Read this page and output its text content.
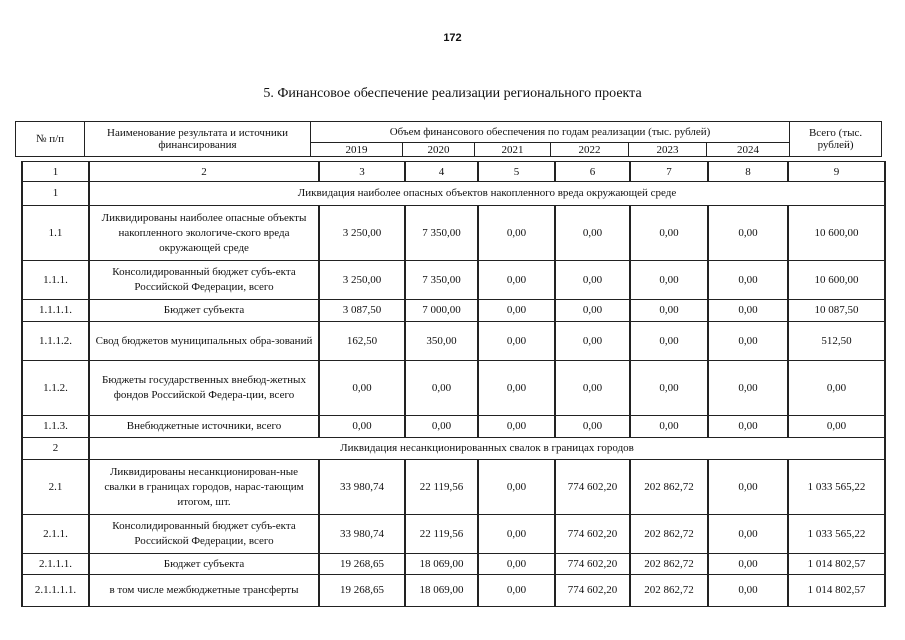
172
5. Финансовое обеспечение реализации регионального проекта
№ п/п	Наименование результата и источники финансирования	Объем финансового обеспечения по годам реализации (тыс. рублей)						Всего (тыс. рублей)
		2019	2020	2021	2022	2023	2024	
1	2	3	4	5	6	7	8	9
1	Ликвидация наиболее опасных объектов накопленного вреда окружающей среде							
1.1	Ликвидированы наиболее опасные объекты накопленного экологиче-ского вреда окружающей среде	3 250,00	7 350,00	0,00	0,00	0,00	0,00	10 600,00
1.1.1.	Консолидированный бюджет субъ-екта Российской Федерации, всего	3 250,00	7 350,00	0,00	0,00	0,00	0,00	10 600,00
1.1.1.1.	Бюджет субъекта	3 087,50	7 000,00	0,00	0,00	0,00	0,00	10 087,50
1.1.1.2.	Свод бюджетов муниципальных обра-зований	162,50	350,00	0,00	0,00	0,00	0,00	512,50
1.1.2.	Бюджеты государственных внебюд-жетных фондов Российской Федера-ции, всего	0,00	0,00	0,00	0,00	0,00	0,00	0,00
1.1.3.	Внебюджетные источники, всего	0,00	0,00	0,00	0,00	0,00	0,00	0,00
2	Ликвидация несанкционированных свалок в границах городов							
2.1	Ликвидированы несанкционирован-ные свалки в границах городов, нарас-тающим итогом, шт.	33 980,74	22 119,56	0,00	774 602,20	202 862,72	0,00	1 033 565,22
2.1.1.	Консолидированный бюджет субъ-екта Российской Федерации, всего	33 980,74	22 119,56	0,00	774 602,20	202 862,72	0,00	1 033 565,22
2.1.1.1.	Бюджет субъекта	19 268,65	18 069,00	0,00	774 602,20	202 862,72	0,00	1 014 802,57
2.1.1.1.1.	в том числе межбюджетные трансферты	19 268,65	18 069,00	0,00	774 602,20	202 862,72	0,00	1 014 802,57
